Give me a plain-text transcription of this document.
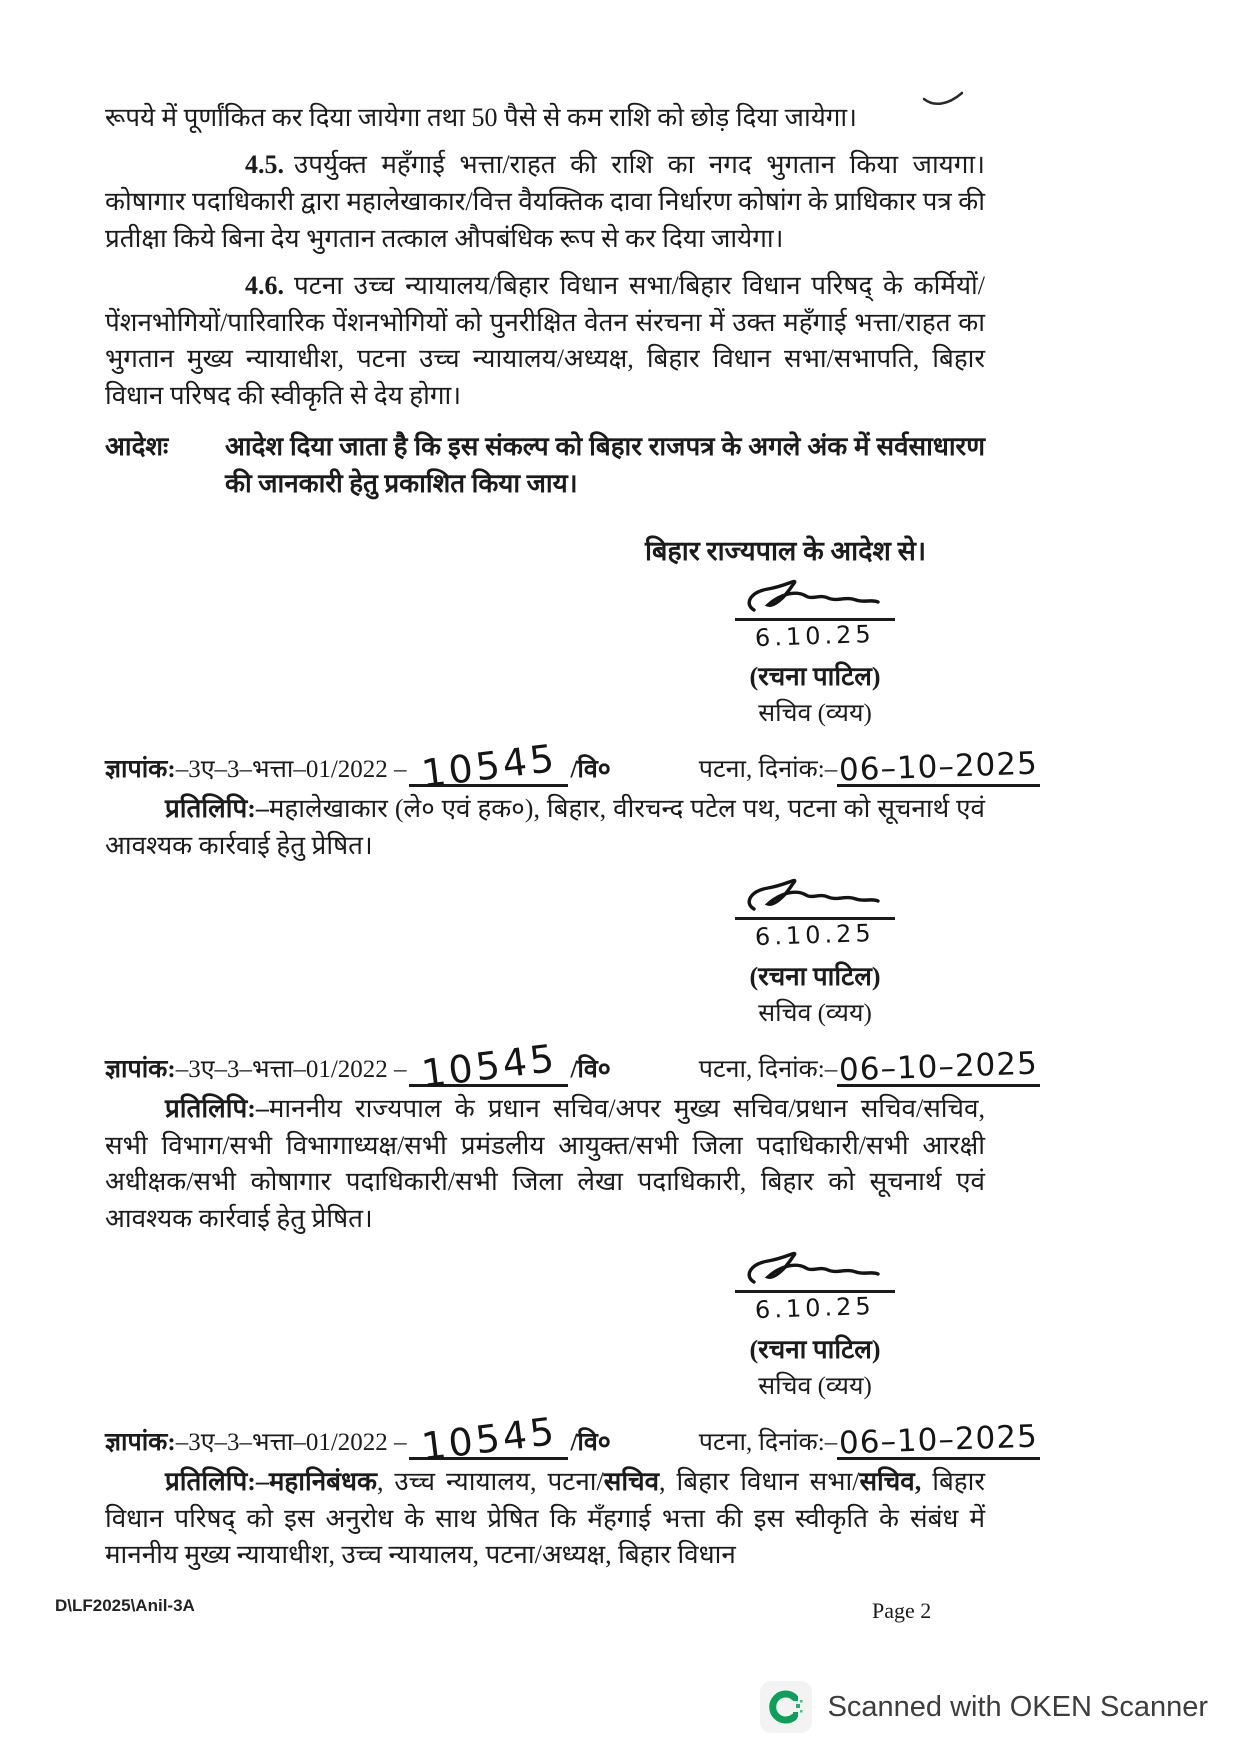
रूपये में पूर्णांकित कर दिया जायेगा तथा 50 पैसे से कम राशि को छोड़ दिया जायेगा।

4.5. उपर्युक्त महँगाई भत्ता/राहत की राशि का नगद भुगतान किया जायगा। कोषागार पदाधिकारी द्वारा महालेखाकार/वित्त वैयक्तिक दावा निर्धारण कोषांग के प्राधिकार पत्र की प्रतीक्षा किये बिना देय भुगतान तत्काल औपबंधिक रूप से कर दिया जायेगा।

4.6. पटना उच्च न्यायालय/बिहार विधान सभा/बिहार विधान परिषद् के कर्मियों/पेंशनभोगियों/पारिवारिक पेंशनभोगियों को पुनरीक्षित वेतन संरचना में उक्त महँगाई भत्ता/राहत का भुगतान मुख्य न्यायाधीश, पटना उच्च न्यायालय/अध्यक्ष, बिहार विधान सभा/सभापति, बिहार विधान परिषद की स्वीकृति से देय होगा।

आदेशः	आदेश दिया जाता है कि इस संकल्प को बिहार राजपत्र के अगले अंक में सर्वसाधारण की जानकारी हेतु प्रकाशित किया जाय।
बिहार राज्यपाल के आदेश से।
6.10.25
(रचना पाटिल)
सचिव (व्यय)
ज्ञापांक: –3ए–3–भत्ता–01/2022 – 10545 /वि०	पटना, दिनांक:–06–10–2025

प्रतिलिपि:–महालेखाकार (ले० एवं हक०), बिहार, वीरचन्द पटेल पथ, पटना को सूचनार्थ एवं आवश्यक कार्रवाई हेतु प्रेषित।

6.10.25
(रचना पाटिल)
सचिव (व्यय)
ज्ञापांक: –3ए–3–भत्ता–01/2022 – 10545 /वि०	पटना, दिनांक:–06–10–2025

प्रतिलिपि:–माननीय राज्यपाल के प्रधान सचिव/अपर मुख्य सचिव/प्रधान सचिव/सचिव, सभी विभाग/सभी विभागाध्यक्ष/सभी प्रमंडलीय आयुक्त/सभी जिला पदाधिकारी/सभी आरक्षी अधीक्षक/सभी कोषागार पदाधिकारी/सभी जिला लेखा पदाधिकारी, बिहार को सूचनार्थ एवं आवश्यक कार्रवाई हेतु प्रेषित।

6.10.25
(रचना पाटिल)
सचिव (व्यय)
ज्ञापांक: –3ए–3–भत्ता–01/2022 – 10545 /वि०	पटना, दिनांक:–06–10–2025

प्रतिलिपि:–महानिबंधक, उच्च न्यायालय, पटना/सचिव, बिहार विधान सभा/सचिव, बिहार विधान परिषद् को इस अनुरोध के साथ प्रेषित कि मँहगाई भत्ता की इस स्वीकृति के संबंध में माननीय मुख्य न्यायाधीश, उच्च न्यायालय, पटना/अध्यक्ष, बिहार विधान

D\LF2025\Anil-3A	Page 2
Scanned with OKEN Scanner
